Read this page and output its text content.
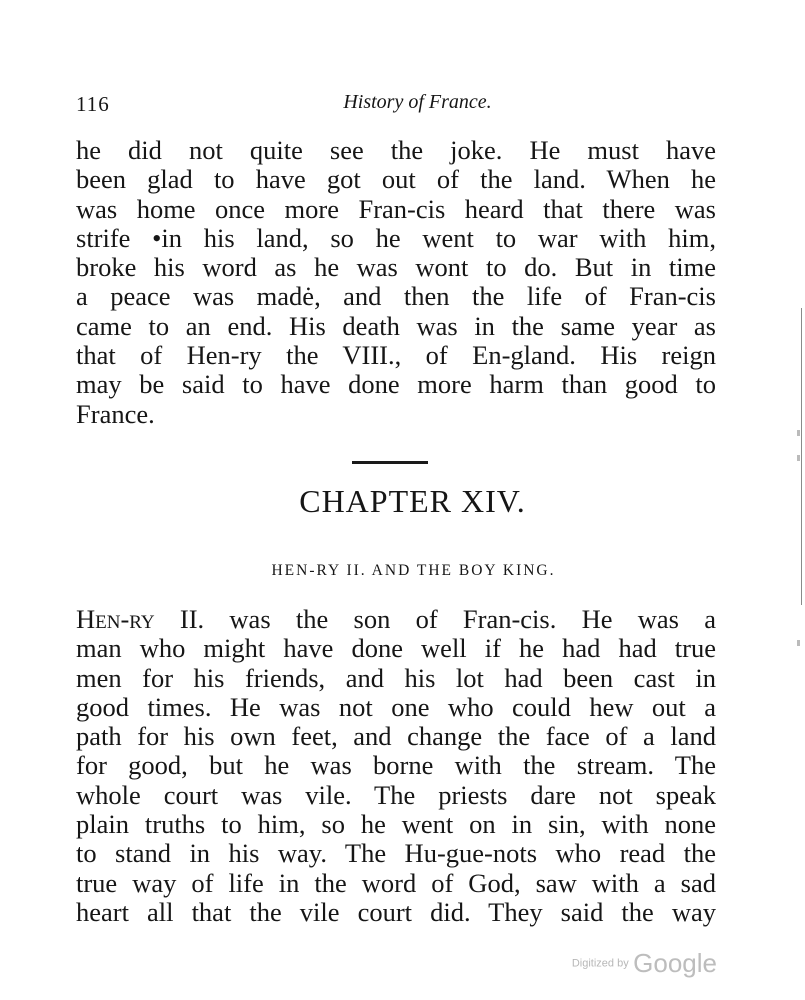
116	History of France.
he did not quite see the joke. He must have
been glad to have got out of the land. When he
was home once more Fran-cis heard that there was
strife •in his land, so he went to war with him,
broke his word as he was wont to do. But in time
a peace was madė, and then the life of Fran-cis
came to an end. His death was in the same year as
that of Hen-ry the VIII., of En-gland. His reign
may be said to have done more harm than good to
France.
CHAPTER XIV.
HEN-RY II. AND THE BOY KING.
Hen-ry II. was the son of Fran-cis. He was a
man who might have done well if he had had true
men for his friends, and his lot had been cast in
good times. He was not one who could hew out a
path for his own feet, and change the face of a land
for good, but he was borne with the stream. The
whole court was vile. The priests dare not speak
plain truths to him, so he went on in sin, with none
to stand in his way. The Hu-gue-nots who read the
true way of life in the word of God, saw with a sad
heart all that the vile court did. They said the way
Digitized by Google
